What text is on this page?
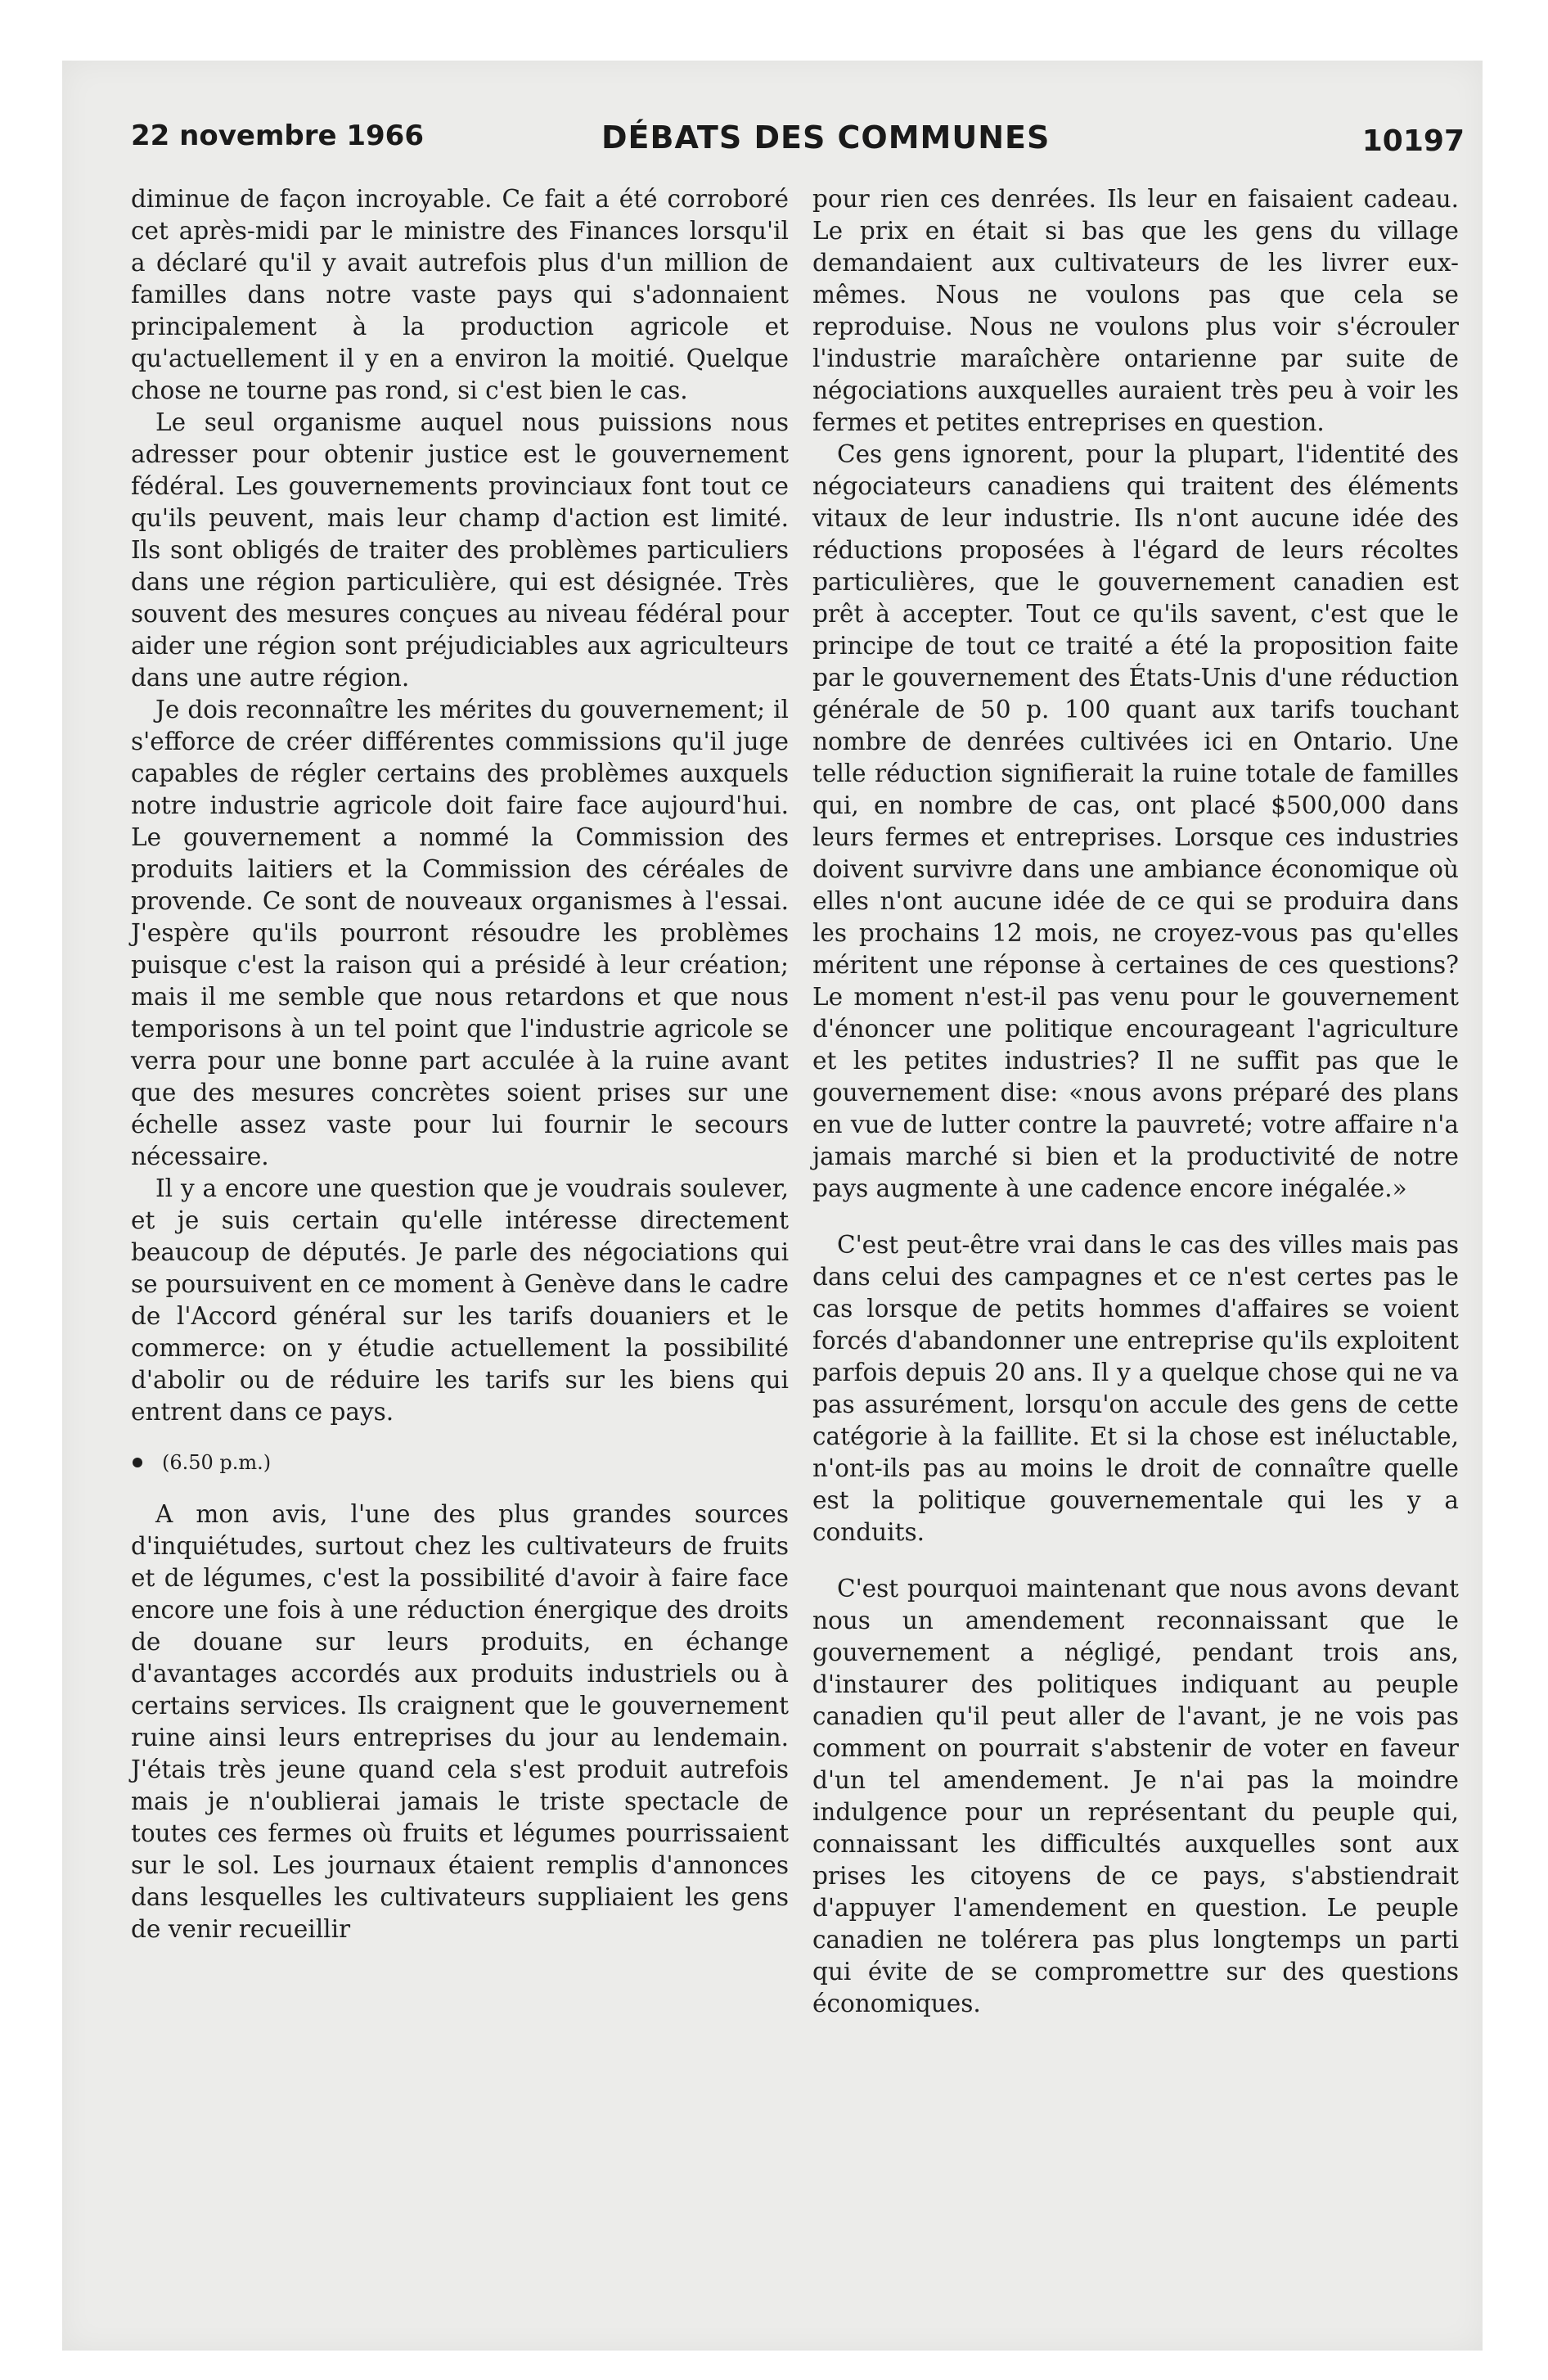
22 novembre 1966	DÉBATS DES COMMUNES	10197

diminue de façon incroyable. Ce fait a été corroboré cet après-midi par le ministre des Finances lorsqu'il a déclaré qu'il y avait autrefois plus d'un million de familles dans notre vaste pays qui s'adonnaient principalement à la production agricole et qu'actuellement il y en a environ la moitié. Quelque chose ne tourne pas rond, si c'est bien le cas.

Le seul organisme auquel nous puissions nous adresser pour obtenir justice est le gouvernement fédéral. Les gouvernements provinciaux font tout ce qu'ils peuvent, mais leur champ d'action est limité. Ils sont obligés de traiter des problèmes particuliers dans une région particulière, qui est désignée. Très souvent des mesures conçues au niveau fédéral pour aider une région sont préjudiciables aux agriculteurs dans une autre région.

Je dois reconnaître les mérites du gouvernement; il s'efforce de créer différentes commissions qu'il juge capables de régler certains des problèmes auxquels notre industrie agricole doit faire face aujourd'hui. Le gouvernement a nommé la Commission des produits laitiers et la Commission des céréales de provende. Ce sont de nouveaux organismes à l'essai. J'espère qu'ils pourront résoudre les problèmes puisque c'est la raison qui a présidé à leur création; mais il me semble que nous retardons et que nous temporisons à un tel point que l'industrie agricole se verra pour une bonne part acculée à la ruine avant que des mesures concrètes soient prises sur une échelle assez vaste pour lui fournir le secours nécessaire.

Il y a encore une question que je voudrais soulever, et je suis certain qu'elle intéresse directement beaucoup de députés. Je parle des négociations qui se poursuivent en ce moment à Genève dans le cadre de l'Accord général sur les tarifs douaniers et le commerce: on y étudie actuellement la possibilité d'abolir ou de réduire les tarifs sur les biens qui entrent dans ce pays.

(6.50 p.m.)

A mon avis, l'une des plus grandes sources d'inquiétudes, surtout chez les cultivateurs de fruits et de légumes, c'est la possibilité d'avoir à faire face encore une fois à une réduction énergique des droits de douane sur leurs produits, en échange d'avantages accordés aux produits industriels ou à certains services. Ils craignent que le gouvernement ruine ainsi leurs entreprises du jour au lendemain. J'étais très jeune quand cela s'est produit autrefois mais je n'oublierai jamais le triste spectacle de toutes ces fermes où fruits et légumes pourrissaient sur le sol. Les journaux étaient remplis d'annonces dans lesquelles les cultivateurs suppliaient les gens de venir recueillir

pour rien ces denrées. Ils leur en faisaient cadeau. Le prix en était si bas que les gens du village demandaient aux cultivateurs de les livrer eux-mêmes. Nous ne voulons pas que cela se reproduise. Nous ne voulons plus voir s'écrouler l'industrie maraîchère ontarienne par suite de négociations auxquelles auraient très peu à voir les fermes et petites entreprises en question.

Ces gens ignorent, pour la plupart, l'identité des négociateurs canadiens qui traitent des éléments vitaux de leur industrie. Ils n'ont aucune idée des réductions proposées à l'égard de leurs récoltes particulières, que le gouvernement canadien est prêt à accepter. Tout ce qu'ils savent, c'est que le principe de tout ce traité a été la proposition faite par le gouvernement des États-Unis d'une réduction générale de 50 p. 100 quant aux tarifs touchant nombre de denrées cultivées ici en Ontario. Une telle réduction signifierait la ruine totale de familles qui, en nombre de cas, ont placé $500,000 dans leurs fermes et entreprises. Lorsque ces industries doivent survivre dans une ambiance économique où elles n'ont aucune idée de ce qui se produira dans les prochains 12 mois, ne croyez-vous pas qu'elles méritent une réponse à certaines de ces questions? Le moment n'est-il pas venu pour le gouvernement d'énoncer une politique encourageant l'agriculture et les petites industries? Il ne suffit pas que le gouvernement dise: «nous avons préparé des plans en vue de lutter contre la pauvreté; votre affaire n'a jamais marché si bien et la productivité de notre pays augmente à une cadence encore inégalée.»

C'est peut-être vrai dans le cas des villes mais pas dans celui des campagnes et ce n'est certes pas le cas lorsque de petits hommes d'affaires se voient forcés d'abandonner une entreprise qu'ils exploitent parfois depuis 20 ans. Il y a quelque chose qui ne va pas assurément, lorsqu'on accule des gens de cette catégorie à la faillite. Et si la chose est inéluctable, n'ont-ils pas au moins le droit de connaître quelle est la politique gouvernementale qui les y a conduits.

C'est pourquoi maintenant que nous avons devant nous un amendement reconnaissant que le gouvernement a négligé, pendant trois ans, d'instaurer des politiques indiquant au peuple canadien qu'il peut aller de l'avant, je ne vois pas comment on pourrait s'abstenir de voter en faveur d'un tel amendement. Je n'ai pas la moindre indulgence pour un représentant du peuple qui, connaissant les difficultés auxquelles sont aux prises les citoyens de ce pays, s'abstiendrait d'appuyer l'amendement en question. Le peuple canadien ne tolérera pas plus longtemps un parti qui évite de se compromettre sur des questions économiques.
